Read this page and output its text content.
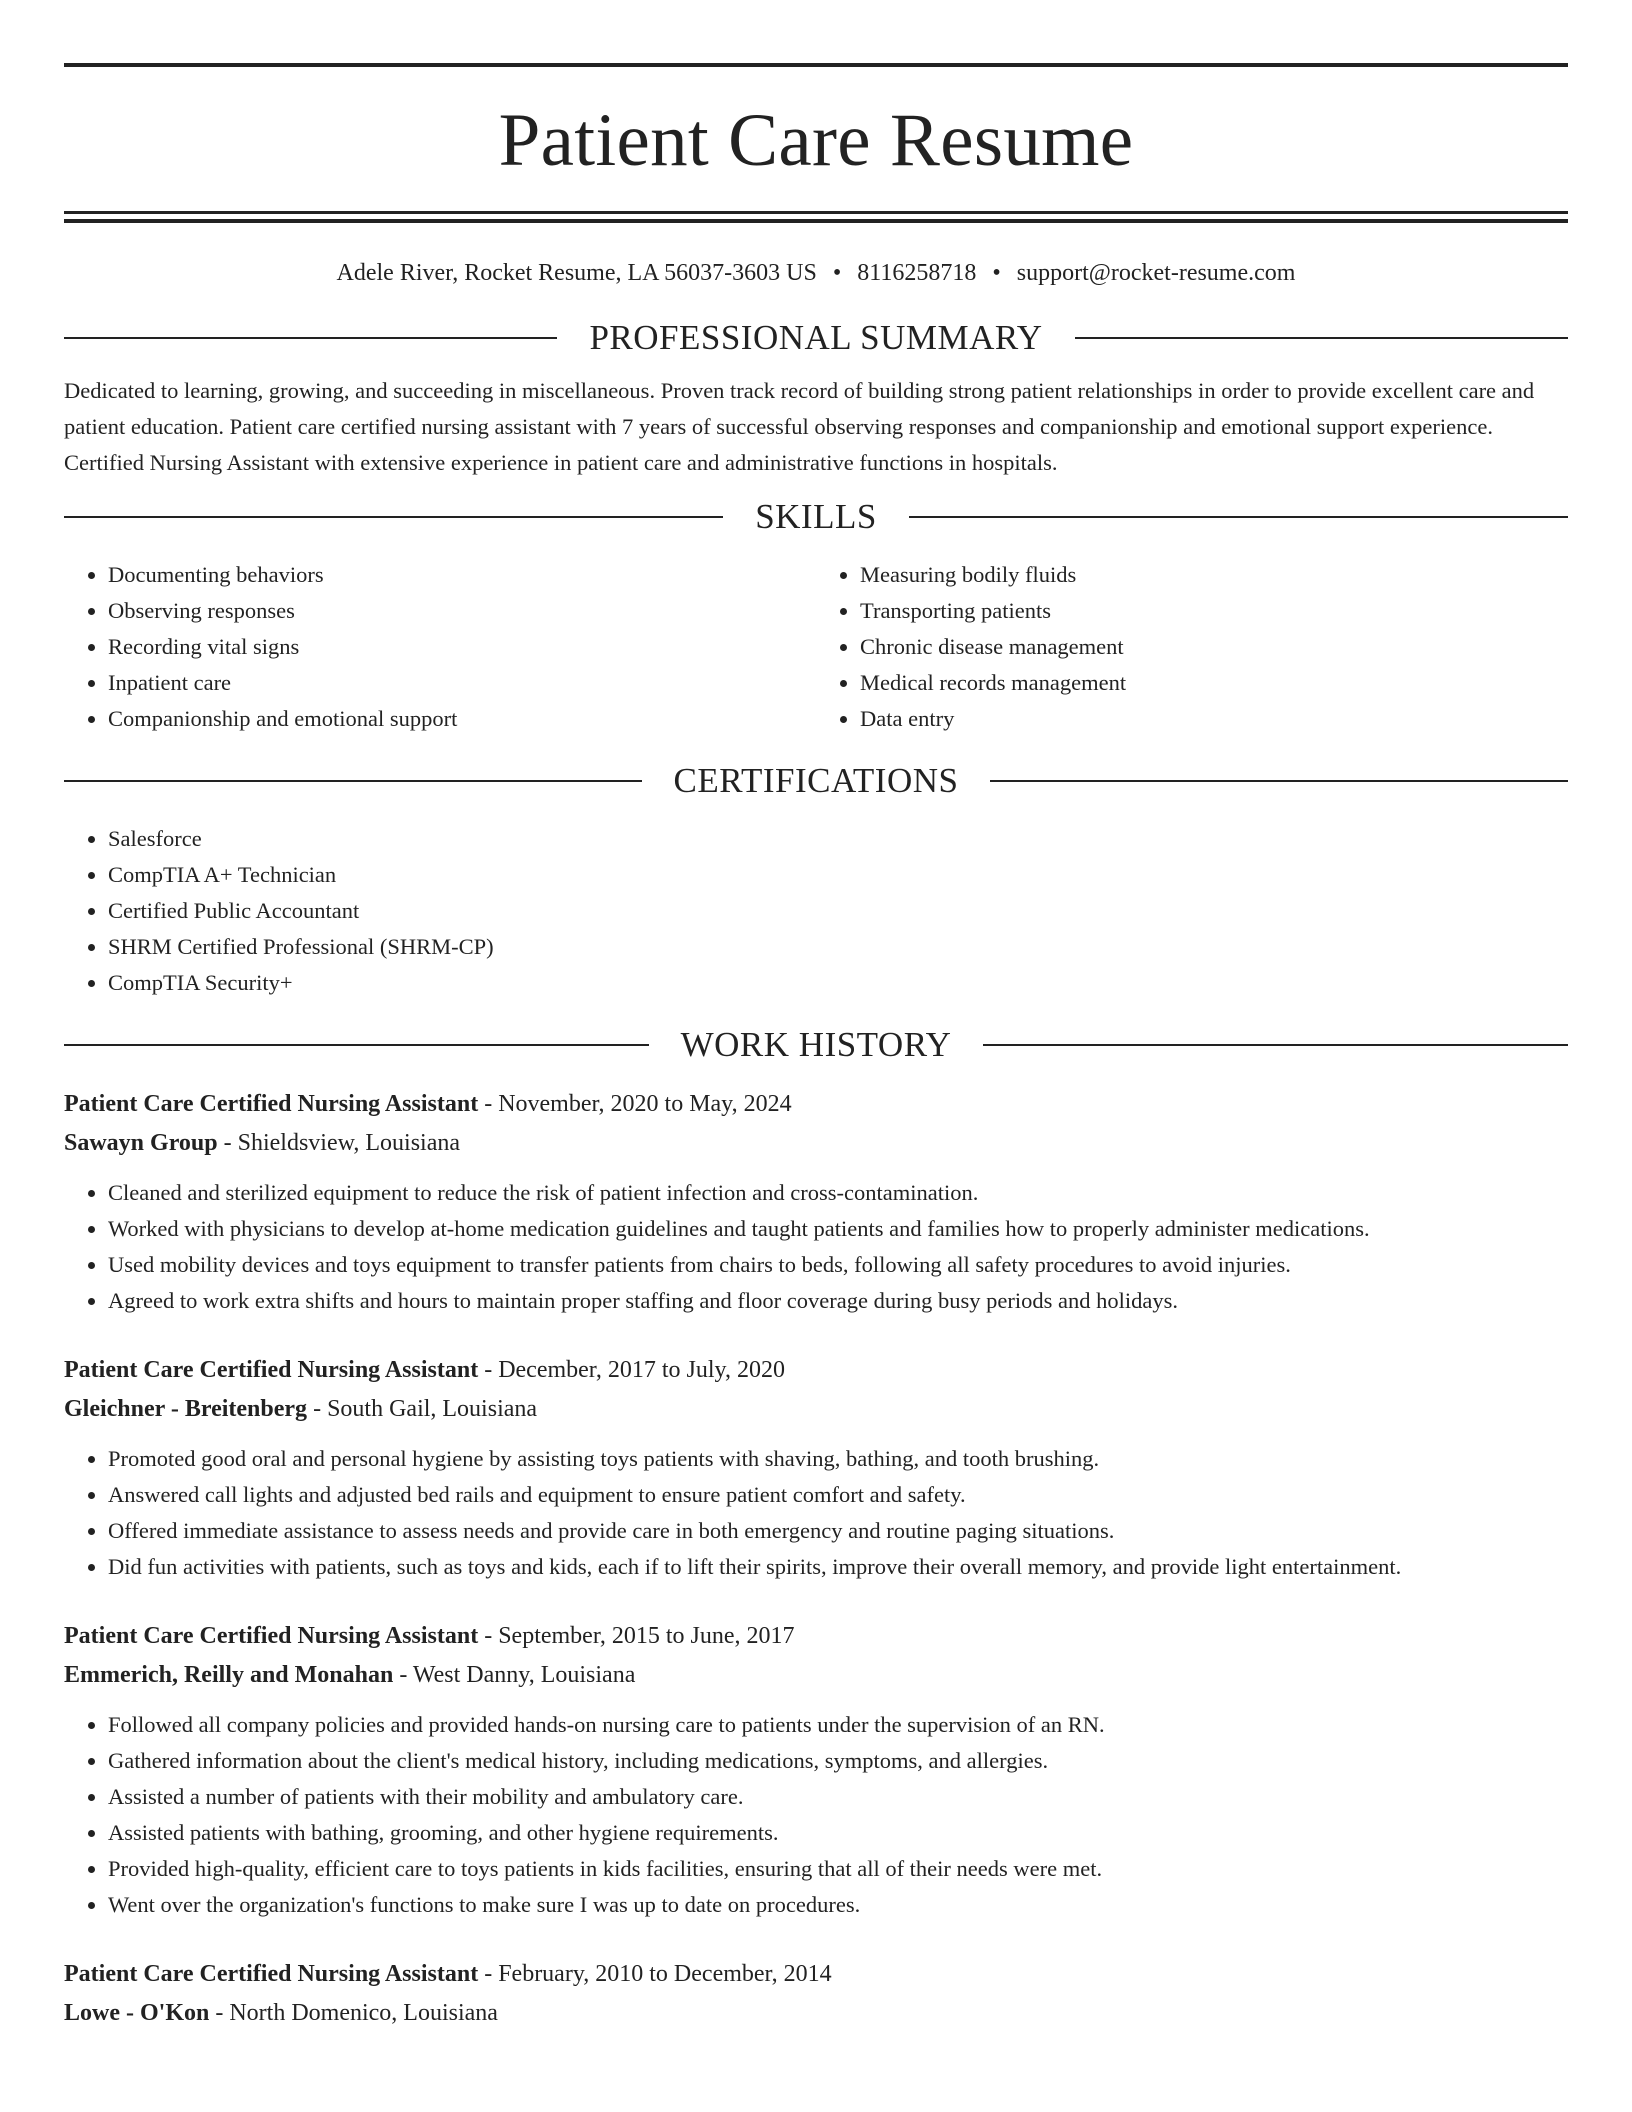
Patient Care Resume
Adele River, Rocket Resume, LA 56037-3603 US • 8116258718 • support@rocket-resume.com
PROFESSIONAL SUMMARY
Dedicated to learning, growing, and succeeding in miscellaneous. Proven track record of building strong patient relationships in order to provide excellent care and patient education. Patient care certified nursing assistant with 7 years of successful observing responses and companionship and emotional support experience. Certified Nursing Assistant with extensive experience in patient care and administrative functions in hospitals.
SKILLS
• Documenting behaviors
• Observing responses
• Recording vital signs
• Inpatient care
• Companionship and emotional support
• Measuring bodily fluids
• Transporting patients
• Chronic disease management
• Medical records management
• Data entry
CERTIFICATIONS
• Salesforce
• CompTIA A+ Technician
• Certified Public Accountant
• SHRM Certified Professional (SHRM-CP)
• CompTIA Security+
WORK HISTORY
Patient Care Certified Nursing Assistant - November, 2020 to May, 2024
Sawayn Group - Shieldsview, Louisiana
• Cleaned and sterilized equipment to reduce the risk of patient infection and cross-contamination.
• Worked with physicians to develop at-home medication guidelines and taught patients and families how to properly administer medications.
• Used mobility devices and toys equipment to transfer patients from chairs to beds, following all safety procedures to avoid injuries.
• Agreed to work extra shifts and hours to maintain proper staffing and floor coverage during busy periods and holidays.
Patient Care Certified Nursing Assistant - December, 2017 to July, 2020
Gleichner - Breitenberg - South Gail, Louisiana
• Promoted good oral and personal hygiene by assisting toys patients with shaving, bathing, and tooth brushing.
• Answered call lights and adjusted bed rails and equipment to ensure patient comfort and safety.
• Offered immediate assistance to assess needs and provide care in both emergency and routine paging situations.
• Did fun activities with patients, such as toys and kids, each if to lift their spirits, improve their overall memory, and provide light entertainment.
Patient Care Certified Nursing Assistant - September, 2015 to June, 2017
Emmerich, Reilly and Monahan - West Danny, Louisiana
• Followed all company policies and provided hands-on nursing care to patients under the supervision of an RN.
• Gathered information about the client's medical history, including medications, symptoms, and allergies.
• Assisted a number of patients with their mobility and ambulatory care.
• Assisted patients with bathing, grooming, and other hygiene requirements.
• Provided high-quality, efficient care to toys patients in kids facilities, ensuring that all of their needs were met.
• Went over the organization's functions to make sure I was up to date on procedures.
Patient Care Certified Nursing Assistant - February, 2010 to December, 2014
Lowe - O'Kon - North Domenico, Louisiana
